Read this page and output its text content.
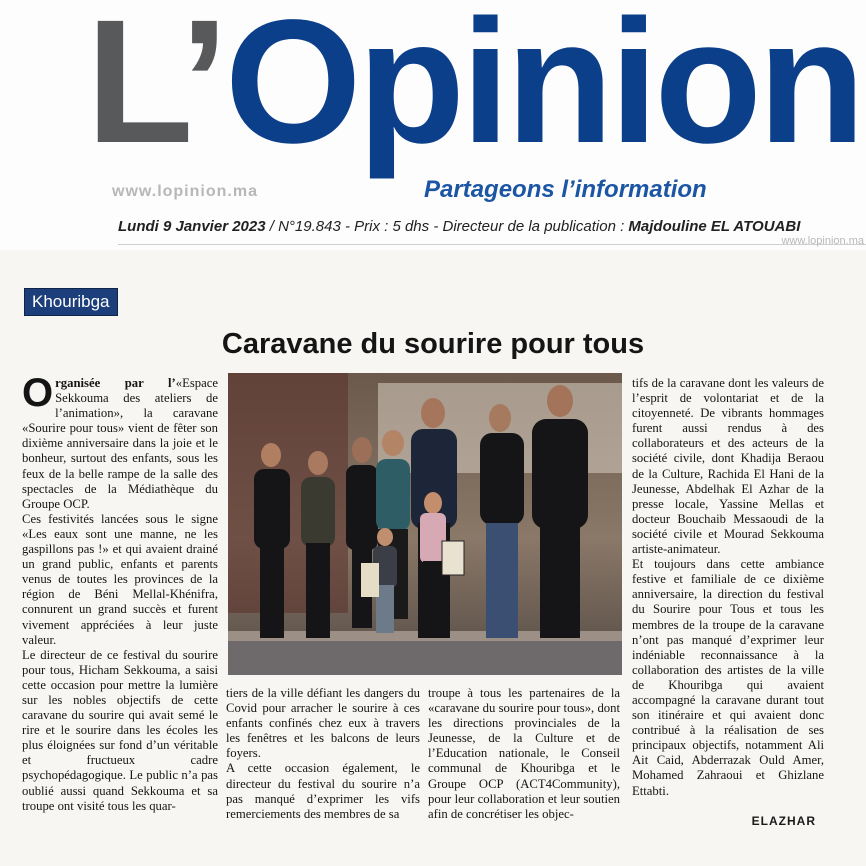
L’Opinion
www.lopinion.ma	Partageons l’information
Lundi 9 Janvier 2023 / N°19.843 - Prix : 5 dhs - Directeur de la publication : Majdouline EL ATOUABI
www.lopinion.ma
Khouribga
Caravane du sourire pour tous

Organisée par l’«Espace Sekkouma des ateliers de l’animation», la caravane «Sourire pour tous» vient de fêter son dixième anniversaire dans la joie et le bonheur, surtout des enfants, sous les feux de la belle rampe de la salle des spectacles de la Médiathèque du Groupe OCP.

Ces festivités lancées sous le signe «Les eaux sont une manne, ne les gaspillons pas !» et qui avaient drainé un grand public, enfants et parents venus de toutes les provinces de la région de Béni Mellal-Khénifra, connurent un grand succès et furent vivement appréciées à leur juste valeur.

Le directeur de ce festival du sourire pour tous, Hicham Sekkouma, a saisi cette occasion pour mettre la lumière sur les nobles objectifs de cette caravane du sourire qui avait semé le rire et le sourire dans les écoles les plus éloignées sur fond d’un véritable et fructueux cadre psychopédagogique. Le public n’a pas oublié aussi quand Sekkouma et sa troupe ont visité tous les quar-

tiers de la ville défiant les dangers du Covid pour arracher le sourire à ces enfants confinés chez eux à travers les fenêtres et les balcons de leurs foyers.

A cette occasion également, le directeur du festival du sourire n’a pas manqué d’exprimer les vifs remerciements des membres de sa

troupe à tous les partenaires de la «caravane du sourire pour tous», dont les directions provinciales de la Jeunesse, de la Culture et de l’Education nationale, le Conseil communal de Khouribga et le Groupe OCP (ACT4Community), pour leur collaboration et leur soutien afin de concrétiser les objec-

tifs de la caravane dont les valeurs de l’esprit de volontariat et de la citoyenneté. De vibrants hommages furent aussi rendus à des collaborateurs et des acteurs de la société civile, dont Khadija Beraou de la Culture, Rachida El Hani de la Jeunesse, Abdelhak El Azhar de la presse locale, Yassine Mellas et docteur Bouchaib Messaoudi de la société civile et Mourad Sekkouma artiste-animateur.

Et toujours dans cette ambiance festive et familiale de ce dixième anniversaire, la direction du festival du Sourire pour Tous et tous les membres de la troupe de la caravane n’ont pas manqué d’exprimer leur indéniable reconnaissance à la collaboration des artistes de la ville de Khouribga qui avaient accompagné la caravane durant tout son itinéraire et qui avaient donc contribué à la réalisation de ses principaux objectifs, notamment Ali Ait Caid, Abderrazak Ould Amer, Mohamed Zahraoui et Ghizlane Ettabti.

ELAZHAR
